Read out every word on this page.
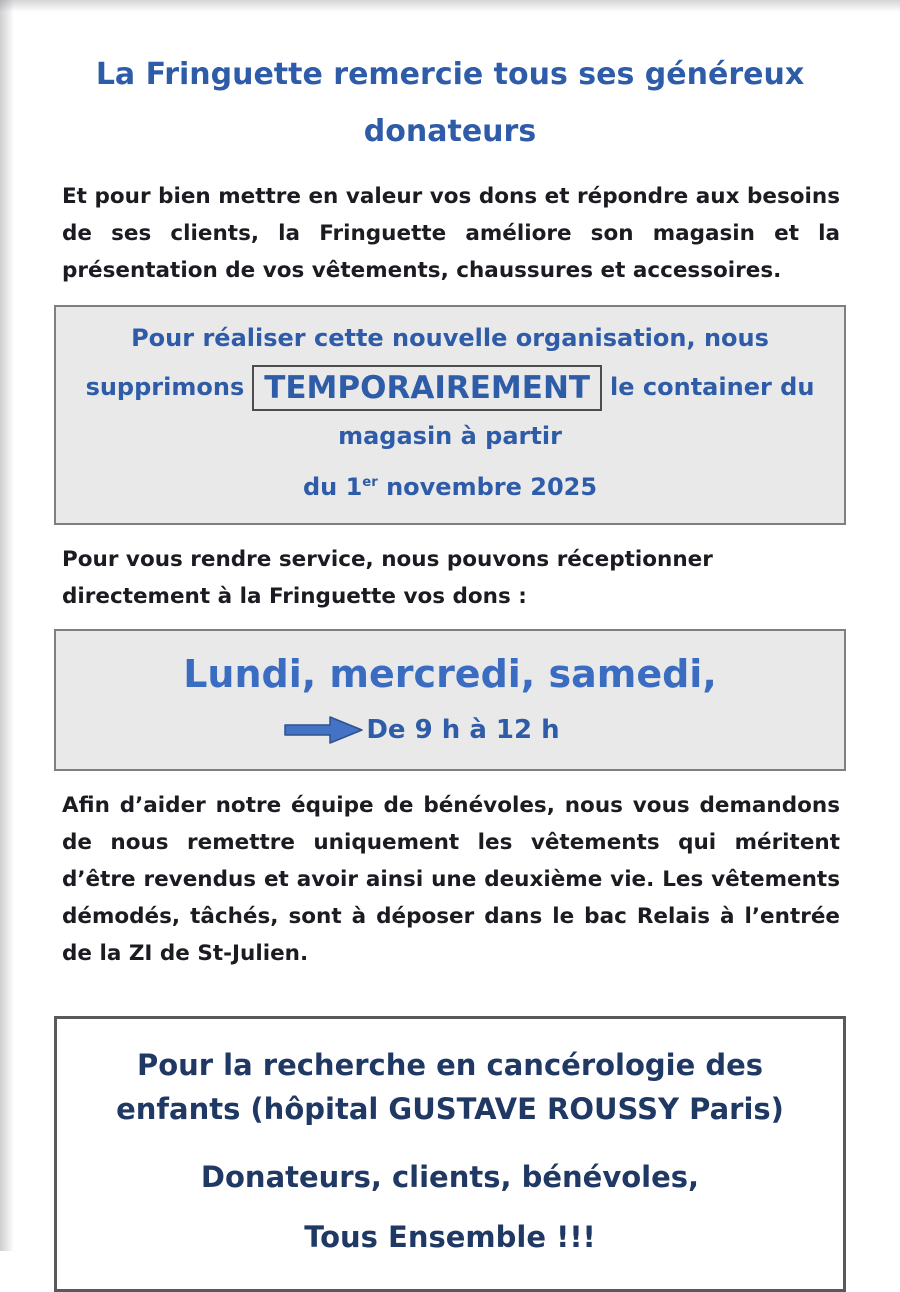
La Fringuette remercie tous ses généreux
donateurs

Et pour bien mettre en valeur vos dons et répondre aux besoins de ses clients, la Fringuette améliore son magasin et la présentation de vos vêtements, chaussures et accessoires.

Pour réaliser cette nouvelle organisation, nous
supprimons TEMPORAIREMENT le container du
magasin à partir
du 1er novembre 2025

Pour vous rendre service, nous pouvons réceptionner directement à la Fringuette vos dons :

Lundi, mercredi, samedi,
De 9 h à 12 h

Afin d’aider notre équipe de bénévoles, nous vous demandons de nous remettre uniquement les vêtements qui méritent d’être revendus et avoir ainsi une deuxième vie. Les vêtements démodés, tâchés, sont à déposer dans le bac Relais à l’entrée de la ZI de St-Julien.

Pour la recherche en cancérologie des

enfants (hôpital GUSTAVE ROUSSY Paris)

Donateurs, clients, bénévoles,

Tous Ensemble !!!
